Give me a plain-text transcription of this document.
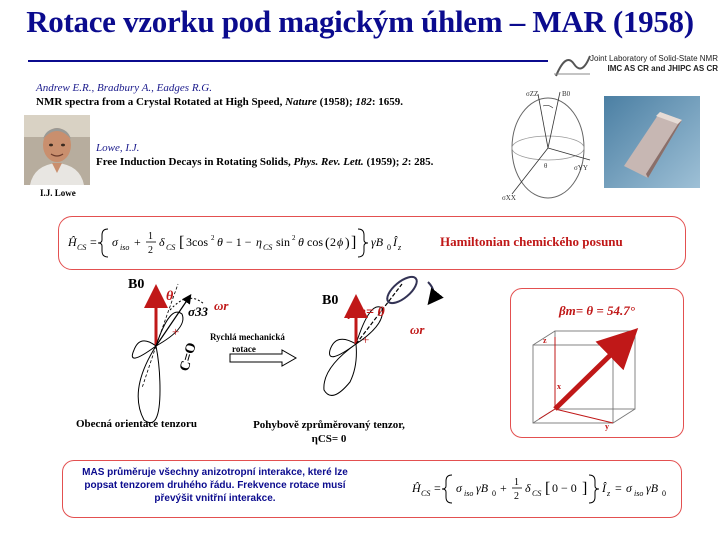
Rotace vzorku pod magickým úhlem – MAR (1958)
Joint Laboratory of Solid-State NMR
IMC AS CR and JHIPC AS CR
Andrew E.R., Bradbury A., Eadges R.G.
NMR spectra from a Crystal Rotated at High Speed, Nature (1958); 182: 1659.
I.J. Lowe
Lowe, I.J.
Free Induction Decays in Rotating Solids, Phys. Rev. Lett. (1959); 2: 285.
σZZ	B0
σYY
σXX
θ
Ĥ CS = σ iso + 1
2
δ CS [ 3cos 2 θ − 1 − η CS sin 2 θ cos ( 2 ϕ ) ] γB 0 Î z	Hamiltonian chemického posunu
B0
θ
σ33 ωr
+
C=O
Rychlá mechanická
rotace
B0
βm= θ
ωr
+
Obecná orientace tenzoru	Pohybově zprůměrovaný tenzor,
ηCS= 0
βm= θ = 54.7°
z
x
y
MAS průměruje všechny anizotropní interakce, které lze popsat tenzorem druhého řádu. Frekvence rotace musí převýšit vnitřní interakce.
Ĥ CS = σ iso γB 0 + 1
2
δ CS [ 0 − 0 ] Î z = σ iso γB 0
